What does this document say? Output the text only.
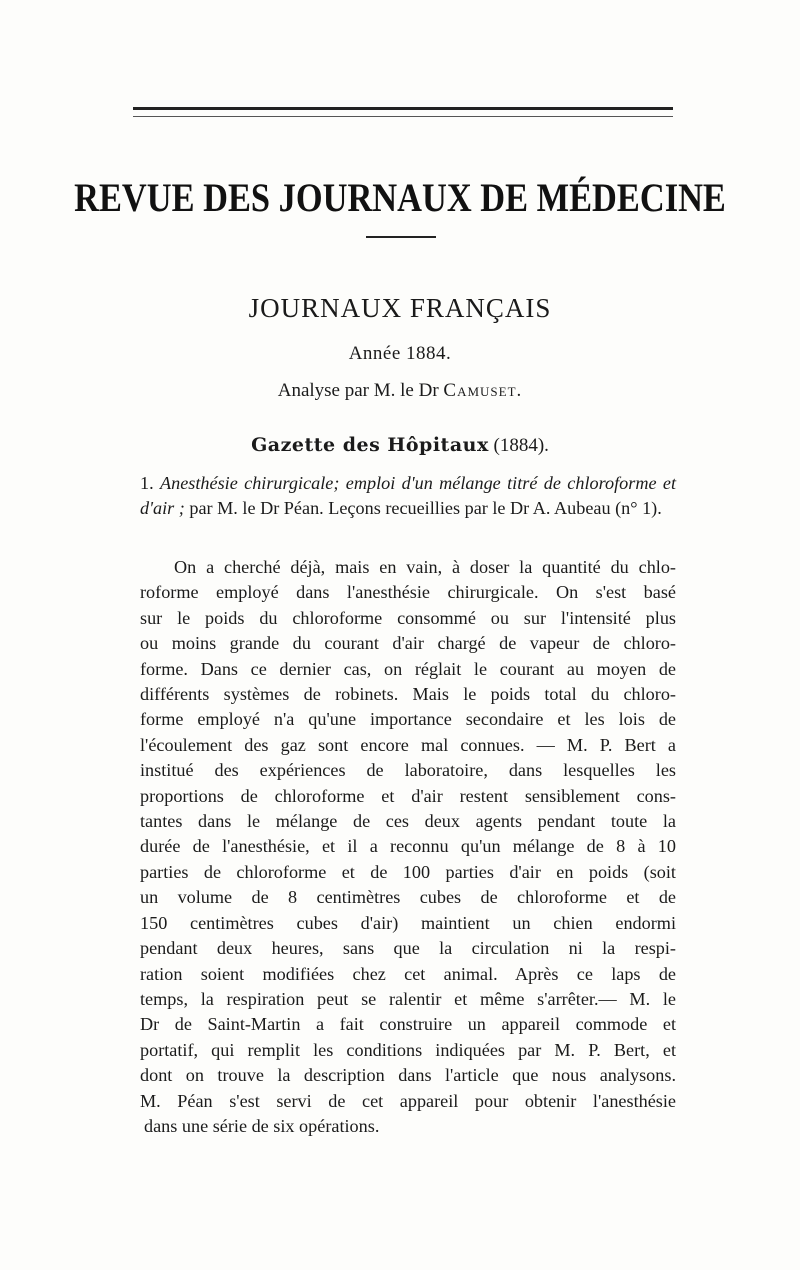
REVUE DES JOURNAUX DE MÉDECINE
JOURNAUX FRANÇAIS
Année 1884.
Analyse par M. le Dr Camuset.
Gazette des Hôpitaux (1884).
1. Anesthésie chirurgicale; emploi d'un mélange titré de chloroforme et d'air ; par M. le Dr Péan. Leçons recueillies par le Dr A. Aubeau (n° 1).
On a cherché déjà, mais en vain, à doser la quantité du chlo-
roforme employé dans l'anesthésie chirurgicale. On s'est basé
sur le poids du chloroforme consommé ou sur l'intensité plus
ou moins grande du courant d'air chargé de vapeur de chloro-
forme. Dans ce dernier cas, on réglait le courant au moyen de
différents systèmes de robinets. Mais le poids total du chloro-
forme employé n'a qu'une importance secondaire et les lois de
l'écoulement des gaz sont encore mal connues. — M. P. Bert a
institué des expériences de laboratoire, dans lesquelles les
proportions de chloroforme et d'air restent sensiblement cons-
tantes dans le mélange de ces deux agents pendant toute la
durée de l'anesthésie, et il a reconnu qu'un mélange de 8 à 10
parties de chloroforme et de 100 parties d'air en poids (soit
un volume de 8 centimètres cubes de chloroforme et de
150 centimètres cubes d'air) maintient un chien endormi
pendant deux heures, sans que la circulation ni la respi-
ration soient modifiées chez cet animal. Après ce laps de
temps, la respiration peut se ralentir et même s'arrêter.— M. le
Dr de Saint-Martin a fait construire un appareil commode et
portatif, qui remplit les conditions indiquées par M. P. Bert, et
dont on trouve la description dans l'article que nous analysons.
M. Péan s'est servi de cet appareil pour obtenir l'anesthésie
dans une série de six opérations.
